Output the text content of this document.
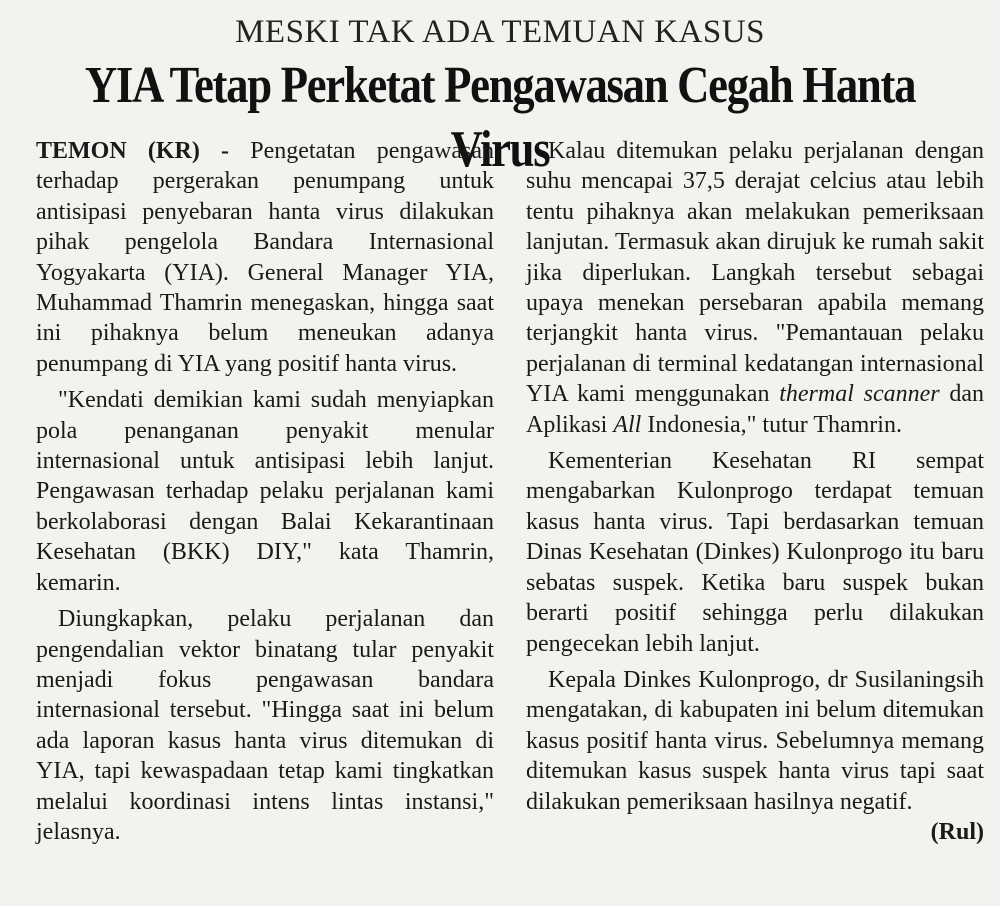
MESKI TAK ADA TEMUAN KASUS
YIA Tetap Perketat Pengawasan Cegah Hanta Virus

TEMON (KR) - Pengetatan pengawasan terhadap pergerakan penumpang untuk antisipasi penyebaran hanta virus dilakukan pihak pengelola Bandara Internasional Yogyakarta (YIA). General Manager YIA, Muhammad Thamrin menegaskan, hingga saat ini pihaknya belum meneukan adanya penumpang di YIA yang positif hanta virus.

"Kendati demikian kami sudah menyiapkan pola penanganan penyakit menular internasional untuk antisipasi lebih lanjut. Pengawasan terhadap pelaku perjalanan kami berkolaborasi dengan Balai Kekarantinaan Kesehatan (BKK) DIY," kata Thamrin, kemarin.

Diungkapkan, pelaku perjalanan dan pengendalian vektor binatang tular penyakit menjadi fokus pengawasan bandara internasional tersebut. "Hingga saat ini belum ada laporan kasus hanta virus ditemukan di YIA, tapi kewaspadaan tetap kami tingkatkan melalui koordinasi intens lintas instansi," jelasnya.

Kalau ditemukan pelaku perjalanan dengan suhu mencapai 37,5 derajat celcius atau lebih tentu pihaknya akan melakukan pemeriksaan lanjutan. Termasuk akan dirujuk ke rumah sakit jika diperlukan. Langkah tersebut sebagai upaya menekan persebaran apabila memang terjangkit hanta virus. "Pemantauan pelaku perjalanan di terminal kedatangan internasional YIA kami menggunakan thermal scanner dan Aplikasi All Indonesia," tutur Thamrin.

Kementerian Kesehatan RI sempat mengabarkan Kulonprogo terdapat temuan kasus hanta virus. Tapi berdasarkan temuan Dinas Kesehatan (Dinkes) Kulonprogo itu baru sebatas suspek. Ketika baru suspek bukan berarti positif sehingga perlu dilakukan pengecekan lebih lanjut.

Kepala Dinkes Kulonprogo, dr Susilaningsih mengatakan, di kabupaten ini belum ditemukan kasus positif hanta virus. Sebelumnya memang ditemukan kasus suspek hanta virus tapi saat dilakukan pemeriksaan hasilnya negatif.
(Rul)
